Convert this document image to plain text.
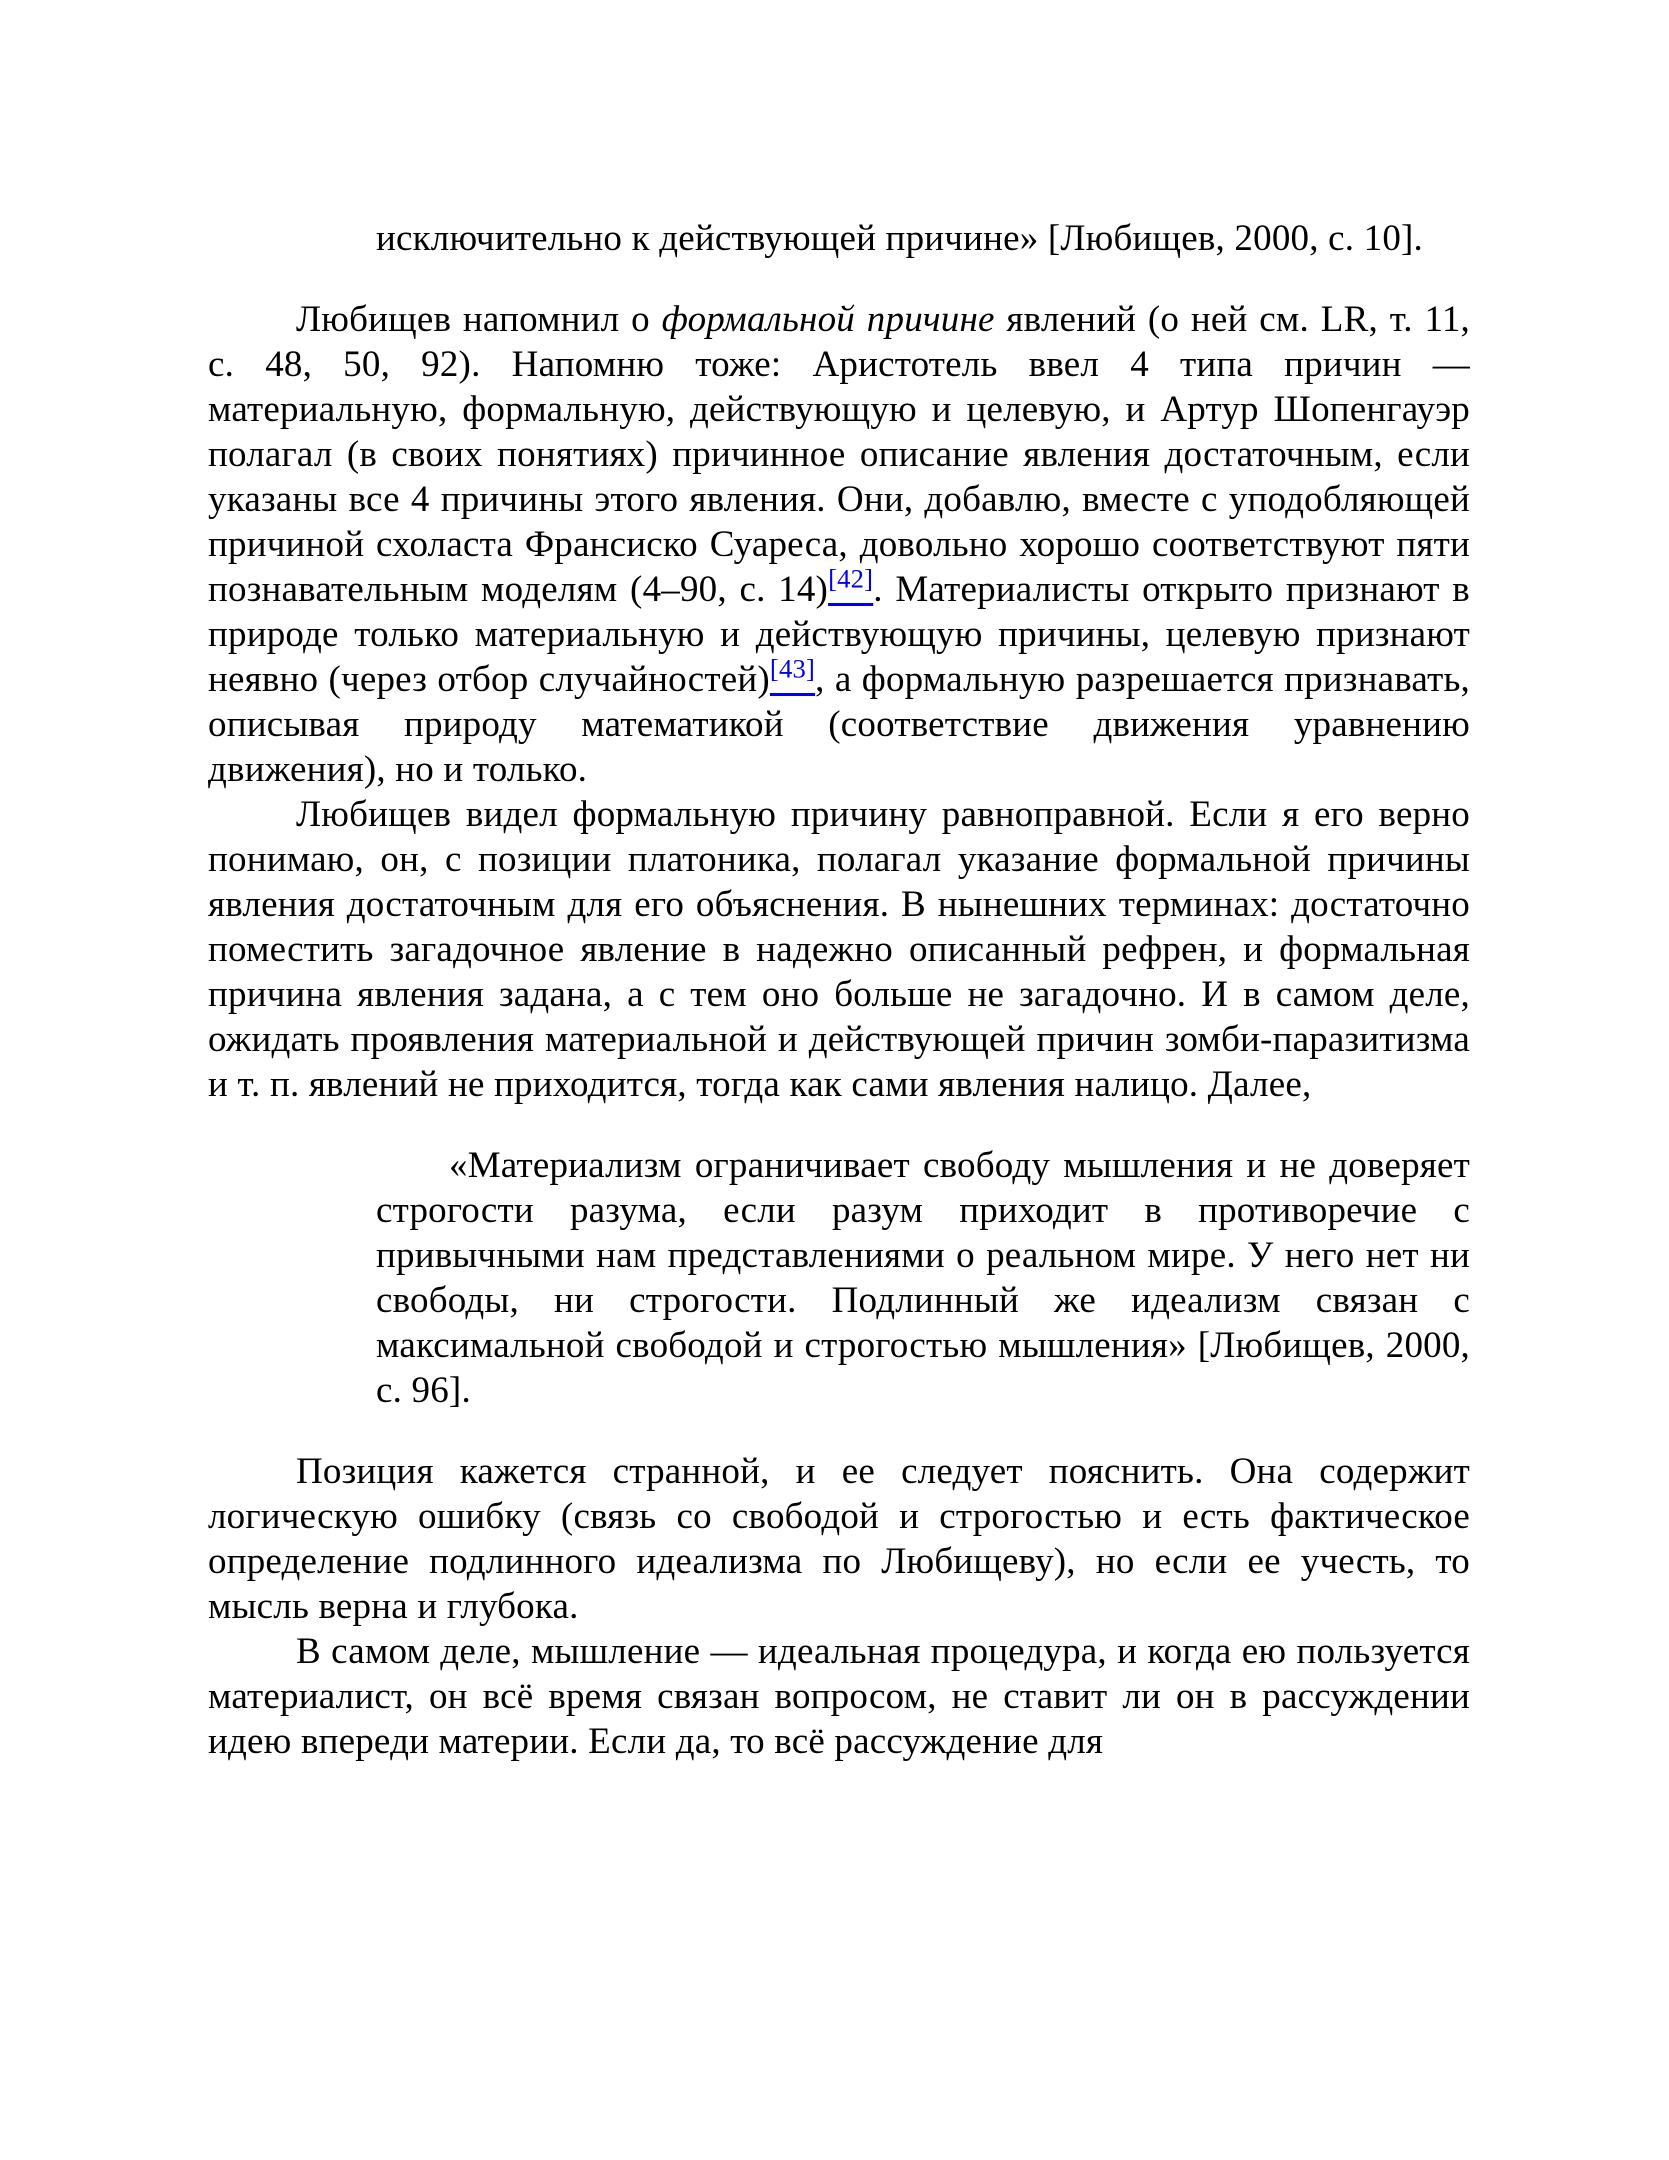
исключительно к действующей причине» [Любищев, 2000, с. 10].
Любищев напомнил о формальной причине явлений (о ней см. LR, т. 11, с. 48, 50, 92). Напомню тоже: Аристотель ввел 4 типа причин — материальную, формальную, действующую и целевую, и Артур Шопенгауэр полагал (в своих понятиях) причинное описание явления достаточным, если указаны все 4 причины этого явления. Они, добавлю, вместе с уподобляющей причиной схоласта Франсиско Суареса, довольно хорошо соответствуют пяти познавательным моделям (4–90, с. 14)[42]. Материалисты открыто признают в природе только материальную и действующую причины, целевую признают неявно (через отбор случайностей)[43], а формальную разрешается признавать, описывая природу математикой (соответствие движения уравнению движения), но и только.
Любищев видел формальную причину равноправной. Если я его верно понимаю, он, с позиции платоника, полагал указание формальной причины явления достаточным для его объяснения. В нынешних терминах: достаточно поместить загадочное явление в надежно описанный рефрен, и формальная причина явления задана, а с тем оно больше не загадочно. И в самом деле, ожидать проявления материальной и действующей причин зомби-паразитизма и т. п. явлений не приходится, тогда как сами явления налицо. Далее,
«Материализм ограничивает свободу мышления и не доверяет строгости разума, если разум приходит в противоречие с привычными нам представлениями о реальном мире. У него нет ни свободы, ни строгости. Подлинный же идеализм связан с максимальной свободой и строгостью мышления» [Любищев, 2000, с. 96].
Позиция кажется странной, и ее следует пояснить. Она содержит логическую ошибку (связь со свободой и строгостью и есть фактическое определение подлинного идеализма по Любищеву), но если ее учесть, то мысль верна и глубока.
В самом деле, мышление — идеальная процедура, и когда ею пользуется материалист, он всё время связан вопросом, не ставит ли он в рассуждении идею впереди материи. Если да, то всё рассуждение для
